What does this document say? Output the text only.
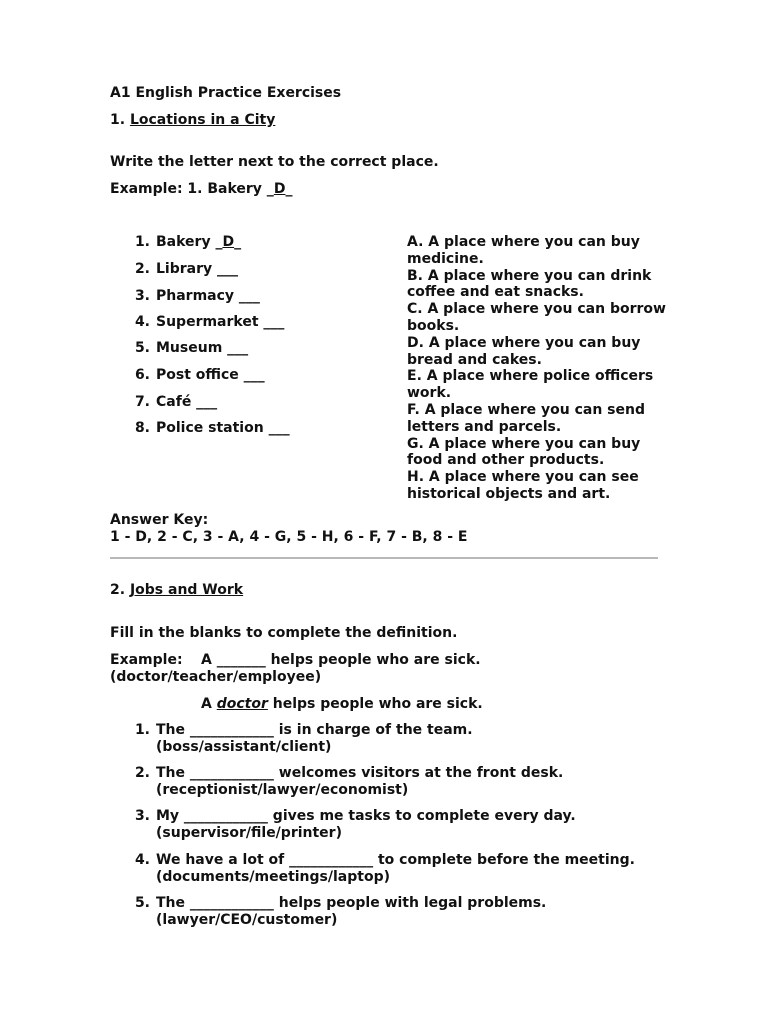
A1 English Practice Exercises
1. Locations in a City
Write the letter next to the correct place.
Example: 1. Bakery _D_
1. Bakery _D_
2. Library ___
3. Pharmacy ___
4. Supermarket ___
5. Museum ___
6. Post office ___
7. Café ___
8. Police station ___
A. A place where you can buy medicine.
B. A place where you can drink coffee and eat snacks.
C. A place where you can borrow books.
D. A place where you can buy bread and cakes.
E. A place where police officers work.
F. A place where you can send letters and parcels.
G. A place where you can buy food and other products.
H. A place where you can see historical objects and art.
Answer Key:
1 - D, 2 - C, 3 - A, 4 - G, 5 - H, 6 - F, 7 - B, 8 - E
2. Jobs and Work
Fill in the blanks to complete the definition.
Example: A _______ helps people who are sick.
(doctor/teacher/employee)
A doctor helps people who are sick.
1. The ____________ is in charge of the team.
(boss/assistant/client)
2. The ____________ welcomes visitors at the front desk.
(receptionist/lawyer/economist)
3. My ____________ gives me tasks to complete every day.
(supervisor/file/printer)
4. We have a lot of ____________ to complete before the meeting.
(documents/meetings/laptop)
5. The ____________ helps people with legal problems.
(lawyer/CEO/customer)
